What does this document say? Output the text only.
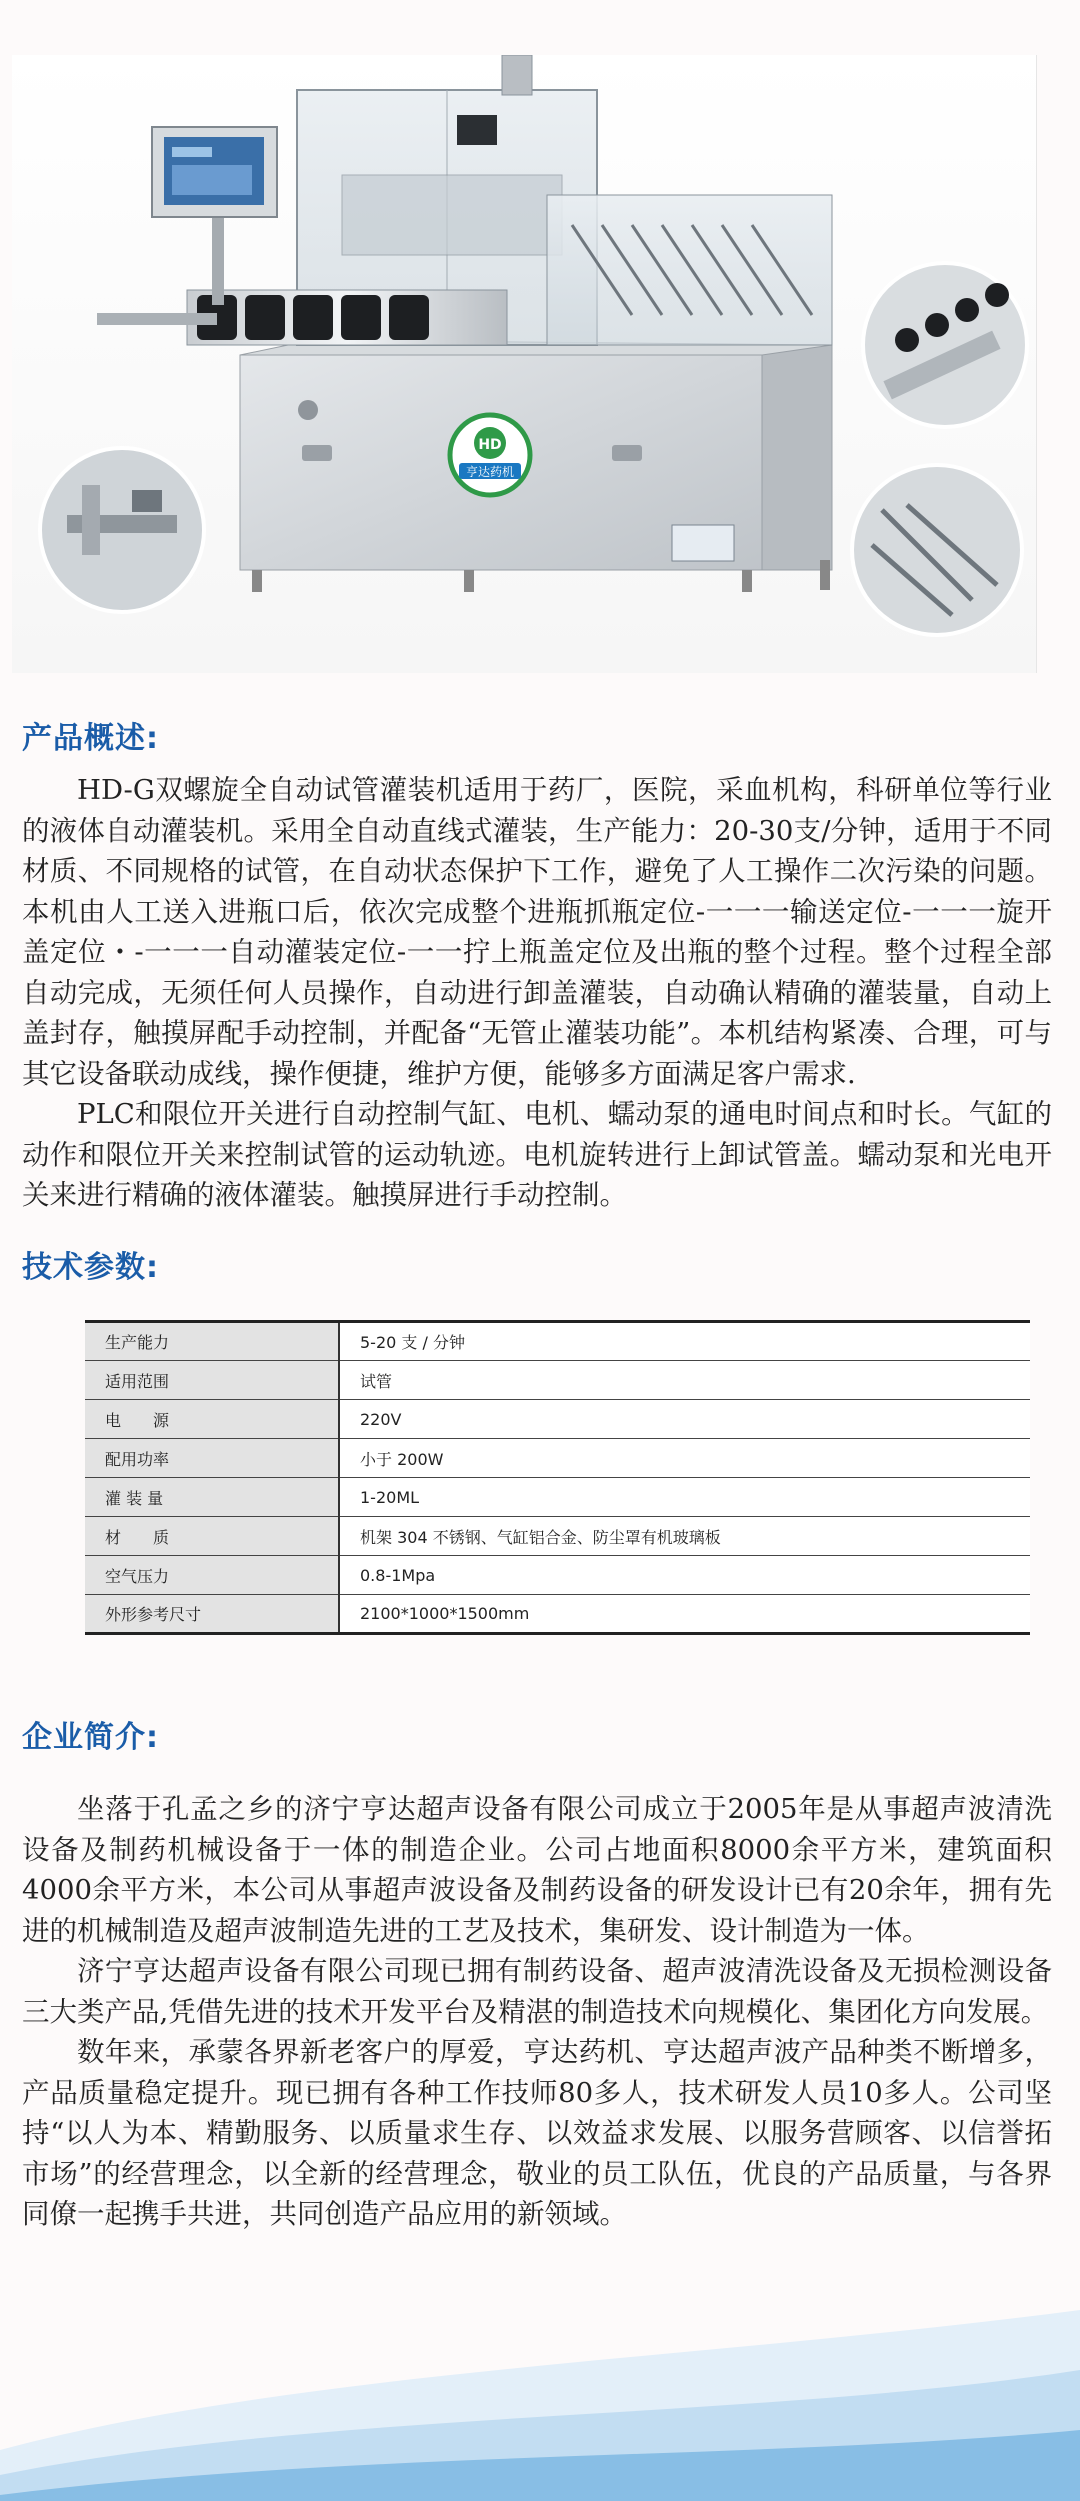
HD
亨达药机
产品概述:

HD-G双螺旋全自动试管灌装机适用于药厂，医院，采血机构，科研单位等行业的液体自动灌装机。采用全自动直线式灌装，生产能力：20-30支/分钟，适用于不同材质、不同规格的试管，在自动状态保护下工作，避免了人工操作二次污染的问题。本机由人工送入进瓶口后，依次完成整个进瓶抓瓶定位-一一一输送定位-一一一旋开盖定位・-一一一自动灌装定位-一一拧上瓶盖定位及出瓶的整个过程。整个过程全部自动完成，无须任何人员操作，自动进行卸盖灌装，自动确认精确的灌装量，自动上盖封存，触摸屏配手动控制，并配备“无管止灌装功能”。本机结构紧凑、合理，可与其它设备联动成线，操作便捷，维护方便，能够多方面满足客户需求.

PLC和限位开关进行自动控制气缸、电机、蠕动泵的通电时间点和时长。气缸的动作和限位开关来控制试管的运动轨迹。电机旋转进行上卸试管盖。蠕动泵和光电开关来进行精确的液体灌装。触摸屏进行手动控制。

技术参数:
生产能力	5-20 支 / 分钟
适用范围	试管
电　　源	220V
配用功率	小于 200W
灌 装 量	1-20ML
材　　质	机架 304 不锈钢、气缸铝合金、防尘罩有机玻璃板
空气压力	0.8-1Mpa
外形参考尺寸	2100*1000*1500mm
企业简介:

坐落于孔孟之乡的济宁亨达超声设备有限公司成立于2005年是从事超声波清洗设备及制药机械设备于一体的制造企业。公司占地面积8000余平方米，建筑面积4000余平方米，本公司从事超声波设备及制药设备的研发设计已有20余年，拥有先进的机械制造及超声波制造先进的工艺及技术，集研发、设计制造为一体。

济宁亨达超声设备有限公司现已拥有制药设备、超声波清洗设备及无损检测设备三大类产品,凭借先进的技术开发平台及精湛的制造技术向规模化、集团化方向发展。

数年来，承蒙各界新老客户的厚爱，亨达药机、亨达超声波产品种类不断增多，产品质量稳定提升。现已拥有各种工作技师80多人，技术研发人员10多人。公司坚持“以人为本、精勤服务、以质量求生存、以效益求发展、以服务营顾客、以信誉拓市场”的经营理念，以全新的经营理念，敬业的员工队伍，优良的产品质量，与各界同僚一起携手共进，共同创造产品应用的新领域。
